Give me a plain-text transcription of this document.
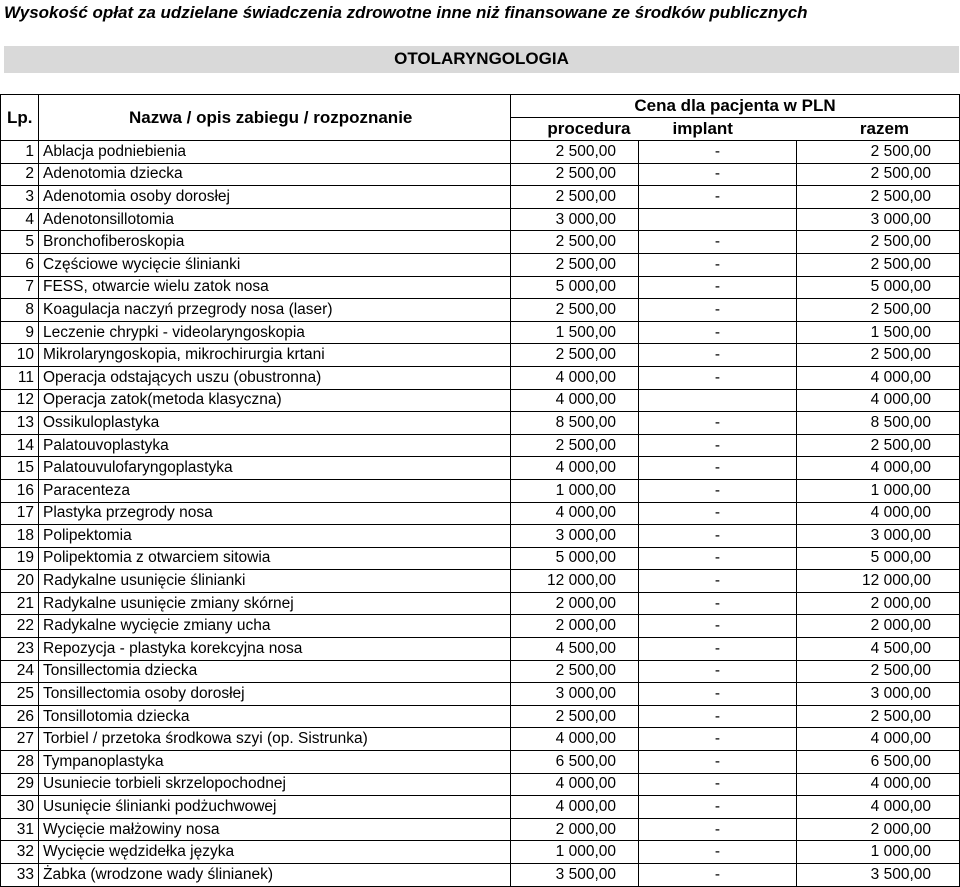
Wysokość opłat za udzielane świadczenia zdrowotne inne niż finansowane ze środków publicznych
OTOLARYNGOLOGIA
Lp.	Nazwa / opis zabiegu / rozpoznanie	Cena dla pacjenta w PLN		
		procedura	implant	razem
1	Ablacja podniebienia	2 500,00	-	2 500,00
2	Adenotomia dziecka	2 500,00	-	2 500,00
3	Adenotomia osoby dorosłej	2 500,00	-	2 500,00
4	Adenotonsillotomia	3 000,00		3 000,00
5	Bronchofiberoskopia	2 500,00	-	2 500,00
6	Częściowe wycięcie ślinianki	2 500,00	-	2 500,00
7	FESS, otwarcie wielu zatok nosa	5 000,00	-	5 000,00
8	Koagulacja naczyń przegrody nosa (laser)	2 500,00	-	2 500,00
9	Leczenie chrypki - videolaryngoskopia	1 500,00	-	1 500,00
10	Mikrolaryngoskopia, mikrochirurgia krtani	2 500,00	-	2 500,00
11	Operacja odstających uszu (obustronna)	4 000,00	-	4 000,00
12	Operacja zatok(metoda klasyczna)	4 000,00		4 000,00
13	Ossikuloplastyka	8 500,00	-	8 500,00
14	Palatouvoplastyka	2 500,00	-	2 500,00
15	Palatouvulofaryngoplastyka	4 000,00	-	4 000,00
16	Paracenteza	1 000,00	-	1 000,00
17	Plastyka przegrody nosa	4 000,00	-	4 000,00
18	Polipektomia	3 000,00	-	3 000,00
19	Polipektomia z otwarciem sitowia	5 000,00	-	5 000,00
20	Radykalne usunięcie ślinianki	12 000,00	-	12 000,00
21	Radykalne usunięcie zmiany skórnej	2 000,00	-	2 000,00
22	Radykalne wycięcie zmiany ucha	2 000,00	-	2 000,00
23	Repozycja - plastyka korekcyjna nosa	4 500,00	-	4 500,00
24	Tonsillectomia dziecka	2 500,00	-	2 500,00
25	Tonsillectomia osoby dorosłej	3 000,00	-	3 000,00
26	Tonsillotomia dziecka	2 500,00	-	2 500,00
27	Torbiel / przetoka środkowa szyi (op. Sistrunka)	4 000,00	-	4 000,00
28	Tympanoplastyka	6 500,00	-	6 500,00
29	Usuniecie torbieli skrzelopochodnej	4 000,00	-	4 000,00
30	Usunięcie ślinianki podżuchwowej	4 000,00	-	4 000,00
31	Wycięcie małżowiny nosa	2 000,00	-	2 000,00
32	Wycięcie wędzidełka języka	1 000,00	-	1 000,00
33	Żabka (wrodzone wady ślinianek)	3 500,00	-	3 500,00
